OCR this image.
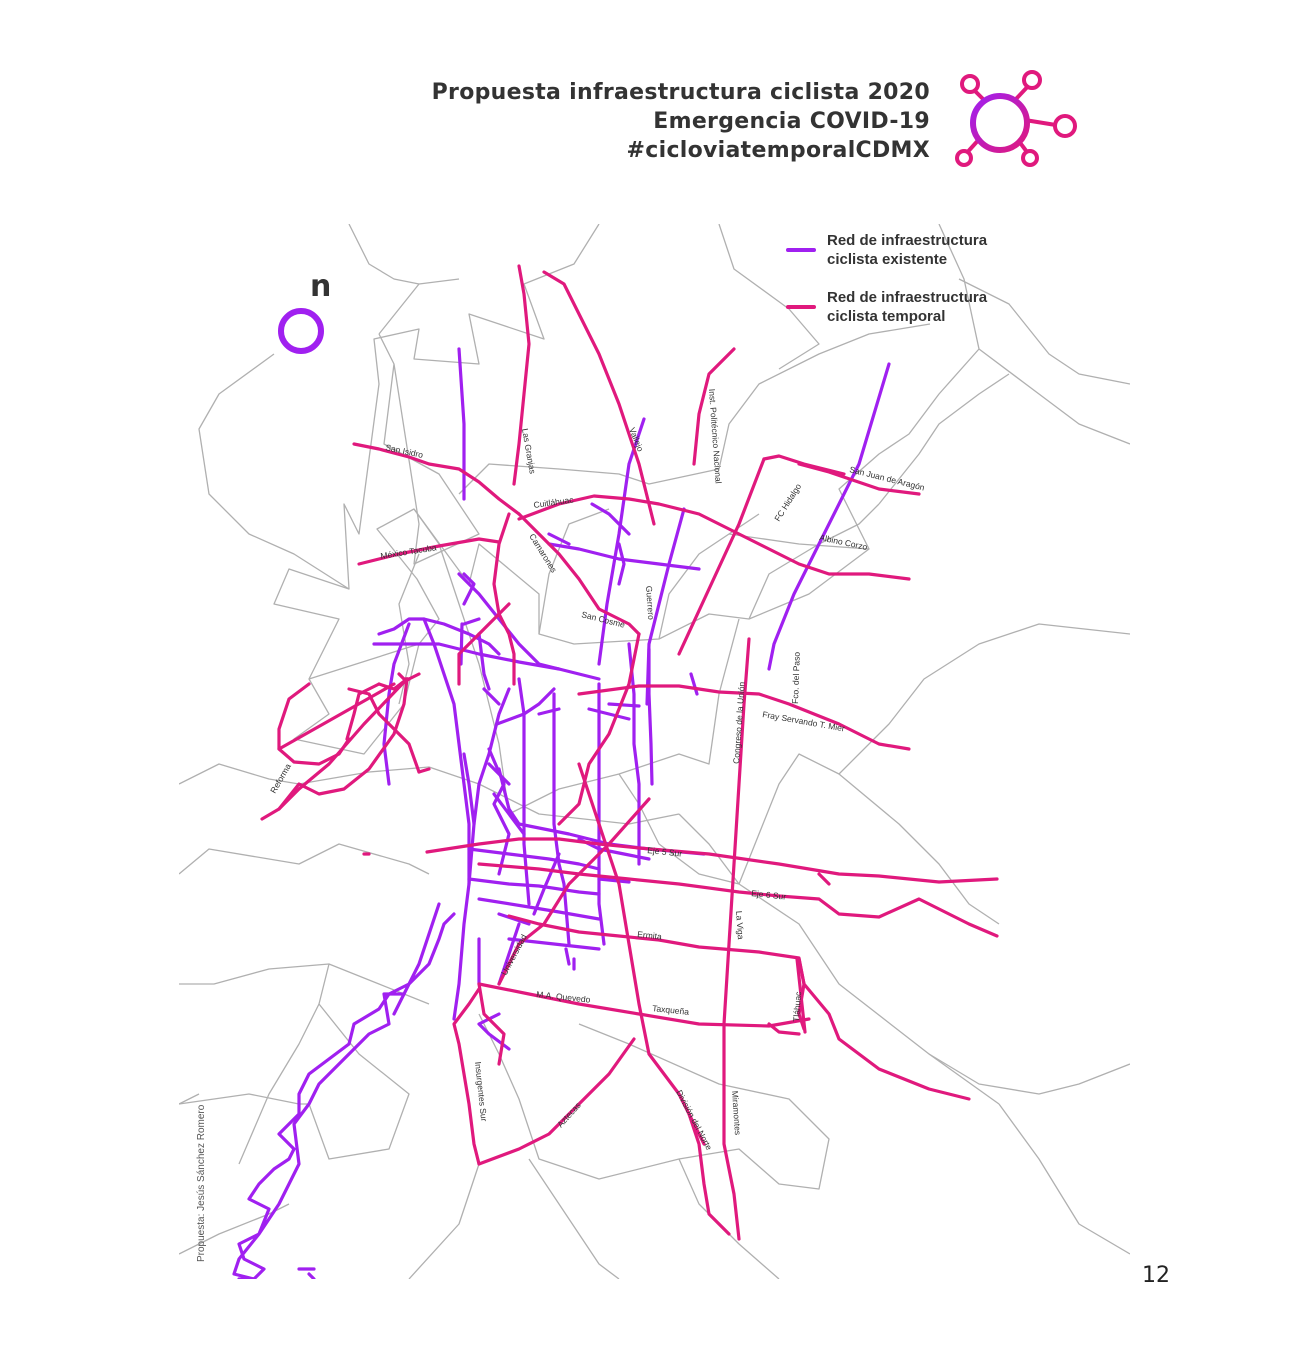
Propuesta infraestructura ciclista 2020
Emergencia COVID-19
#cicloviatemporalCDMX
San Isidro	Las Granjas	Vallejo	Inst. Politécnico Nacional	San Juan de Aragón
FC Hidalgo
Cuitláhuac
Albino Corzo
México Tacuba	Camarones
San Cosme Guerrero
Fco. del Paso
Congreso de la Unión Fray Servando T. Mier
Reforma
Eje 5 Sur
Eje 6 Sur
La Viga
Ermita
Universidad
Tláhuac
M.A. Quevedo
Taxqueña
Insurgentes Sur	Aztecas	División del Norte Miramontes
Red de infraestructura ciclista existente
Red de infraestructura ciclista temporal
n
Propuesta: Jesús Sánchez Romero
12
